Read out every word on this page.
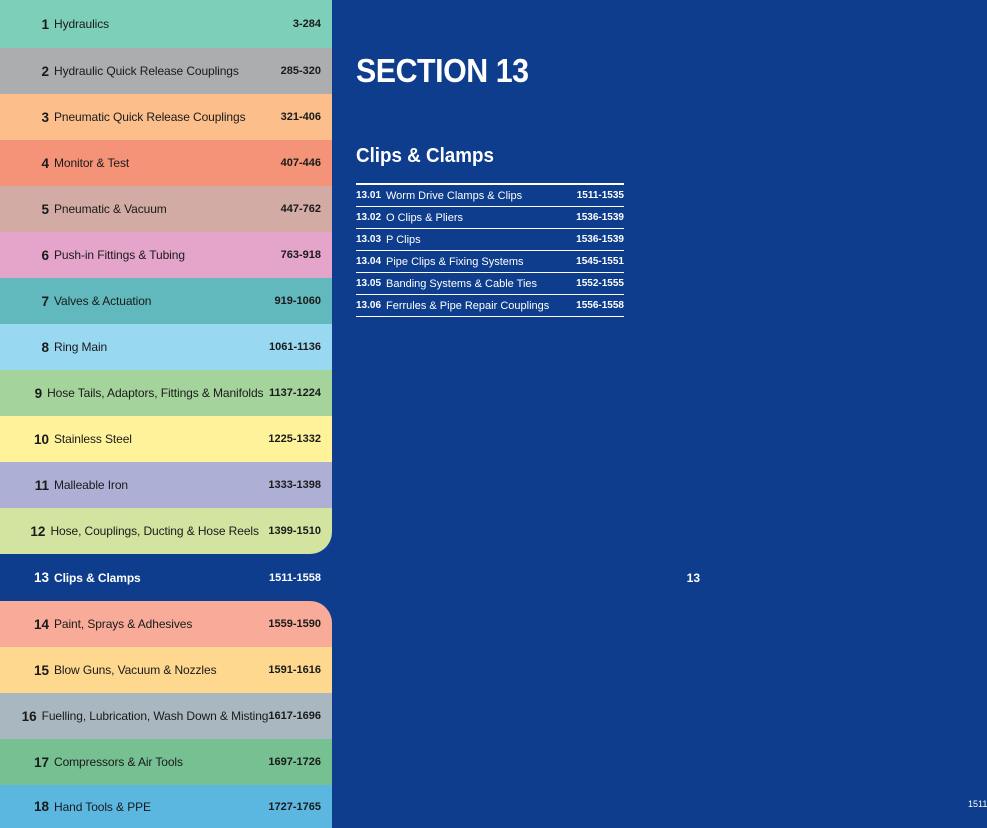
1 Hydraulics	3-284
2 Hydraulic Quick Release Couplings	285-320
3 Pneumatic Quick Release Couplings	321-406
4 Monitor & Test	407-446
5 Pneumatic & Vacuum	447-762
6 Push-in Fittings & Tubing	763-918
7 Valves & Actuation	919-1060
8 Ring Main	1061-1136
9 Hose Tails, Adaptors, Fittings & Manifolds 1137-1224
10 Stainless Steel	1225-1332
11 Malleable Iron	1333-1398
12 Hose, Couplings, Ducting & Hose Reels 1399-1510
13 Clips & Clamps	1511-1558
14 Paint, Sprays & Adhesives	1559-1590
15 Blow Guns, Vacuum & Nozzles	1591-1616
16 Fuelling, Lubrication, Wash Down & Misting 1617-1696
17 Compressors & Air Tools	1697-1726
18 Hand Tools & PPE	1727-1765
SECTION 13
Clips & Clamps
13.01 Worm Drive Clamps & Clips	1511-1535
13.02 O Clips & Pliers	1536-1539
13.03 P Clips	1536-1539
13.04 Pipe Clips & Fixing Systems	1545-1551
13.05 Banding Systems & Cable Ties	1552-1555
13.06 Ferrules & Pipe Repair Couplings	1556-1558
13
1511
